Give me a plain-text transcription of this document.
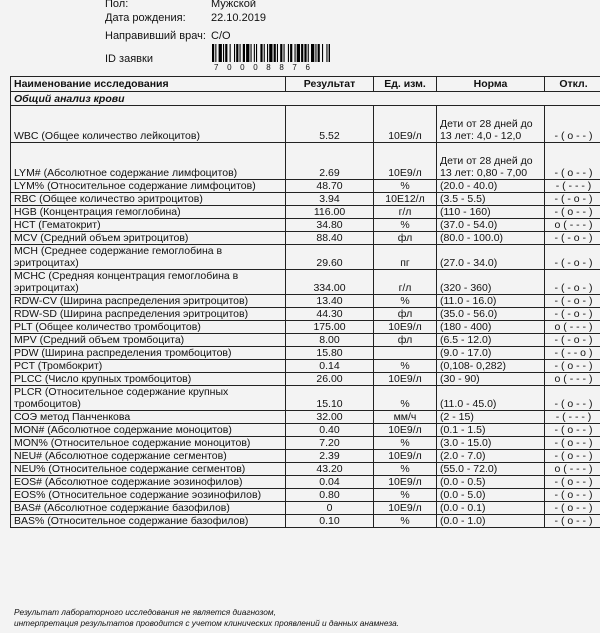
Пол:	Мужской
Дата рождения: 22.10.2019
Направивший врач: С/О
ID заявки
7 0 0 0 8 8 7 6
Наименование исследования	Результат	Ед. изм.	Норма	Откл.
Общий анализ крови				
WBC (Общее количество лейкоцитов)	5.52	10E9/л	Дети от 28 дней до 13 лет: 4,0 - 12,0	- ( o - - )
LYM# (Абсолютное содержание лимфоцитов)	2.69	10E9/л	Дети от 28 дней до 13 лет: 0,80 - 7,00	- ( o - - )
LYM% (Относительное содержание лимфоцитов)	48.70	%	(20.0 - 40.0)	- ( - - - )
RBC (Общее количество эритроцитов)	3.94	10E12/л	(3.5 - 5.5)	- ( - o - )
HGB (Концентрация гемоглобина)	116.00	г/л	(110 - 160)	- ( o - - )
HCT (Гематокрит)	34.80	%	(37.0 - 54.0)	o ( - - - )
MCV (Средний объем эритроцитов)	88.40	фл	(80.0 - 100.0)	- ( - o - )
MCH (Среднее содержание гемоглобина в эритроцитах)	29.60	пг	(27.0 - 34.0)	- ( - o - )
MCHC (Средняя концентрация гемоглобина в эритроцитах)	334.00	г/л	(320 - 360)	- ( - o - )
RDW-CV (Ширина распределения эритроцитов)	13.40	%	(11.0 - 16.0)	- ( - o - )
RDW-SD (Ширина распределения эритроцитов)	44.30	фл	(35.0 - 56.0)	- ( - o - )
PLT (Общее количество тромбоцитов)	175.00	10E9/л	(180 - 400)	o ( - - - )
MPV (Средний объем тромбоцита)	8.00	фл	(6.5 - 12.0)	- ( - o - )
PDW (Ширина распределения тромбоцитов)	15.80		(9.0 - 17.0)	- ( - - o )
PCT (Тромбокрит)	0.14	%	(0,108- 0,282)	- ( o - - )
PLCC (Число крупных тромбоцитов)	26.00	10E9/л	(30 - 90)	o ( - - - )
PLCR (Относительное содержание крупных тромбоцитов)	15.10	%	(11.0 - 45.0)	- ( o - - )
СОЭ метод Панченкова	32.00	мм/ч	(2 - 15)	- ( - - - )
MON# (Абсолютное содержание моноцитов)	0.40	10E9/л	(0.1 - 1.5)	- ( o - - )
MON% (Относительное содержание моноцитов)	7.20	%	(3.0 - 15.0)	- ( o - - )
NEU# (Абсолютное содержание сегментов)	2.39	10E9/л	(2.0 - 7.0)	- ( o - - )
NEU% (Относительное содержание сегментов)	43.20	%	(55.0 - 72.0)	o ( - - - )
EOS# (Абсолютное содержание эозинофилов)	0.04	10E9/л	(0.0 - 0.5)	- ( o - - )
EOS% (Относительное содержание эозинофилов)	0.80	%	(0.0 - 5.0)	- ( o - - )
BAS# (Абсолютное содержание базофилов)	0	10E9/л	(0.0 - 0.1)	- ( o - - )
BAS% (Относительное содержание базофилов)	0.10	%	(0.0 - 1.0)	- ( o - - )
Результат лабораторного исследования не является диагнозом,
интерпретация результатов проводится с учетом клинических проявлений и данных анамнеза.
